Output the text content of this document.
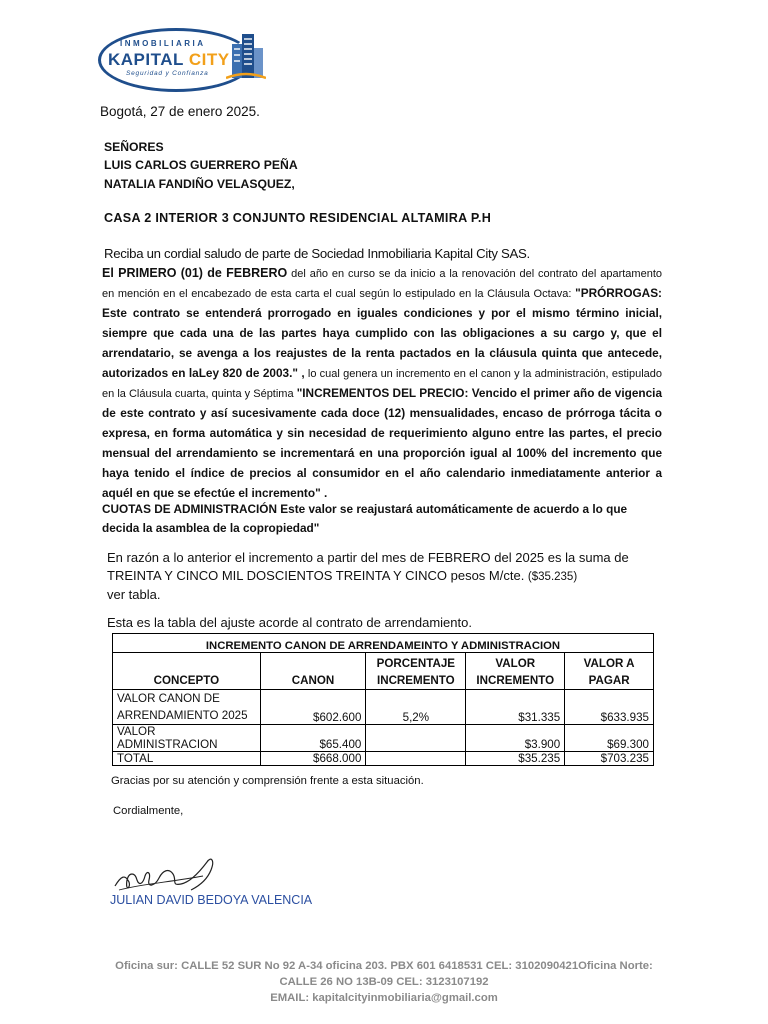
INMOBILIARIA
KAPITAL CITY
Seguridad y Confianza
Bogotá, 27 de enero 2025.
SEÑORES
LUIS CARLOS GUERRERO PEÑA
NATALIA FANDIÑO VELASQUEZ,
CASA 2 INTERIOR 3 CONJUNTO RESIDENCIAL ALTAMIRA P.H
Reciba un cordial saludo de parte de Sociedad Inmobiliaria Kapital City SAS.
El PRIMERO (01) de FEBRERO del año en curso se da inicio a la renovación del contrato del apartamento en mención en el encabezado de esta carta el cual según lo estipulado en la Cláusula Octava: "PRÓRROGAS: Este contrato se entenderá prorrogado en iguales condiciones y por el mismo término inicial, siempre que cada una de las partes haya cumplido con las obligaciones a su cargo y, que el arrendatario, se avenga a los reajustes de la renta pactados en la cláusula quinta que antecede, autorizados en laLey 820 de 2003." , lo cual genera un incremento en el canon y la administración, estipulado en la Cláusula cuarta, quinta y Séptima "INCREMENTOS DEL PRECIO: Vencido el primer año de vigencia de este contrato y así sucesivamente cada doce (12) mensualidades, encaso de prórroga tácita o expresa, en forma automática y sin necesidad de requerimiento alguno entre las partes, el precio mensual del arrendamiento se incrementará en una proporción igual al 100% del incremento que haya tenido el índice de precios al consumidor en el año calendario inmediatamente anterior a aquél en que se efectúe el incremento" .
CUOTAS DE ADMINISTRACIÓN Este valor se reajustará automáticamente de acuerdo a lo que decida la asamblea de la copropiedad"
En razón a lo anterior el incremento a partir del mes de FEBRERO del 2025 es la suma de TREINTA Y CINCO MIL DOSCIENTOS TREINTA Y CINCO pesos M/cte. ($35.235)
ver tabla.
Esta es la tabla del ajuste acorde al contrato de arrendamiento.
INCREMENTO CANON DE ARRENDAMEINTO Y ADMINISTRACION				
CONCEPTO	CANON	PORCENTAJE INCREMENTO	VALOR INCREMENTO	VALOR A PAGAR
VALOR CANON DE ARRENDAMIENTO 2025	$602.600	5,2%	$31.335	$633.935
VALOR ADMINISTRACION	$65.400		$3.900	$69.300
TOTAL	$668.000		$35.235	$703.235
Gracias por su atención y comprensión frente a esta situación.
Cordialmente,
JULIAN DAVID BEDOYA VALENCIA
Oficina sur: CALLE 52 SUR No 92 A-34 oficina 203. PBX 601 6418531 CEL: 3102090421Oficina Norte:
CALLE 26 NO 13B-09 CEL: 3123107192
EMAIL: kapitalcityinmobiliaria@gmail.com
